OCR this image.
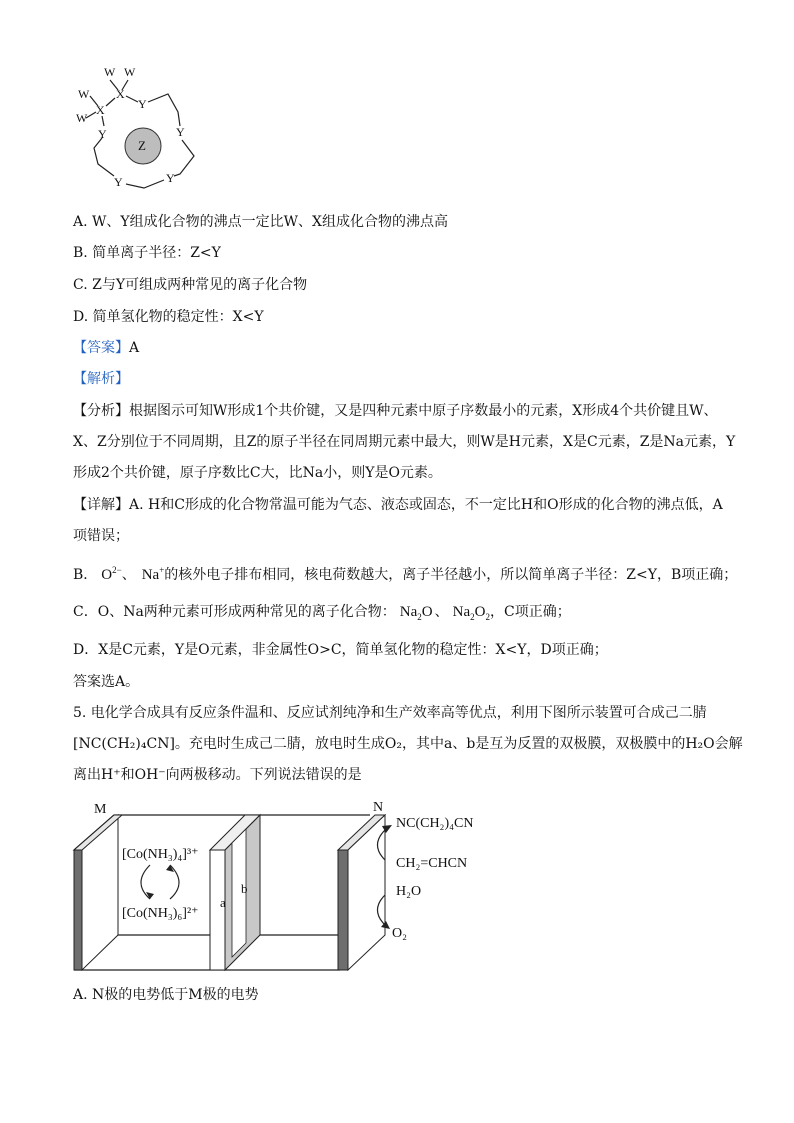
W W
X
W
W
X	Y
Y
Y
Y
Y
Z
A. W、Y组成化合物的沸点一定比W、X组成化合物的沸点高
B. 简单离子半径：Z<Y
C. Z与Y可组成两种常见的离子化合物
D. 简单氢化物的稳定性：X<Y
【答案】A
【解析】
【分析】根据图示可知W形成1个共价键，又是四种元素中原子序数最小的元素，X形成4个共价键且W、
X、Z分别位于不同周期，且Z的原子半径在同周期元素中最大，则W是H元素，X是C元素，Z是Na元素，Y
形成2个共价键，原子序数比C大，比Na小，则Y是O元素。
【详解】A. H和C形成的化合物常温可能为气态、液态或固态，不一定比H和O形成的化合物的沸点低，A
项错误；
B． $O^{2-}$、 Na+的核外电子排布相同，核电荷数越大，离子半径越小，所以简单离子半径：Z<Y，B项正确；
C．O、Na两种元素可形成两种常见的离子化合物： $Na_2O$ 、 $Na_2O_2$，C项正确；
D．X是C元素，Y是O元素，非金属性O>C，简单氢化物的稳定性：X<Y，D项正确；
答案选A。
5. 电化学合成具有反应条件温和、反应试剂纯净和生产效率高等优点，利用下图所示装置可合成己二腈
[NC(CH₂)₄CN]。充电时生成己二腈，放电时生成O₂，其中a、b是互为反置的双极膜，双极膜中的H₂O会解
离出H⁺和OH⁻向两极移动。下列说法错误的是
M	N
[Co(NH₃)₄]³⁺
[Co(NH₃)₆]²⁺
a
b
NC(CH₂)₄CN
CH₂=CHCN
H₂O
O₂
A. N极的电势低于M极的电势
